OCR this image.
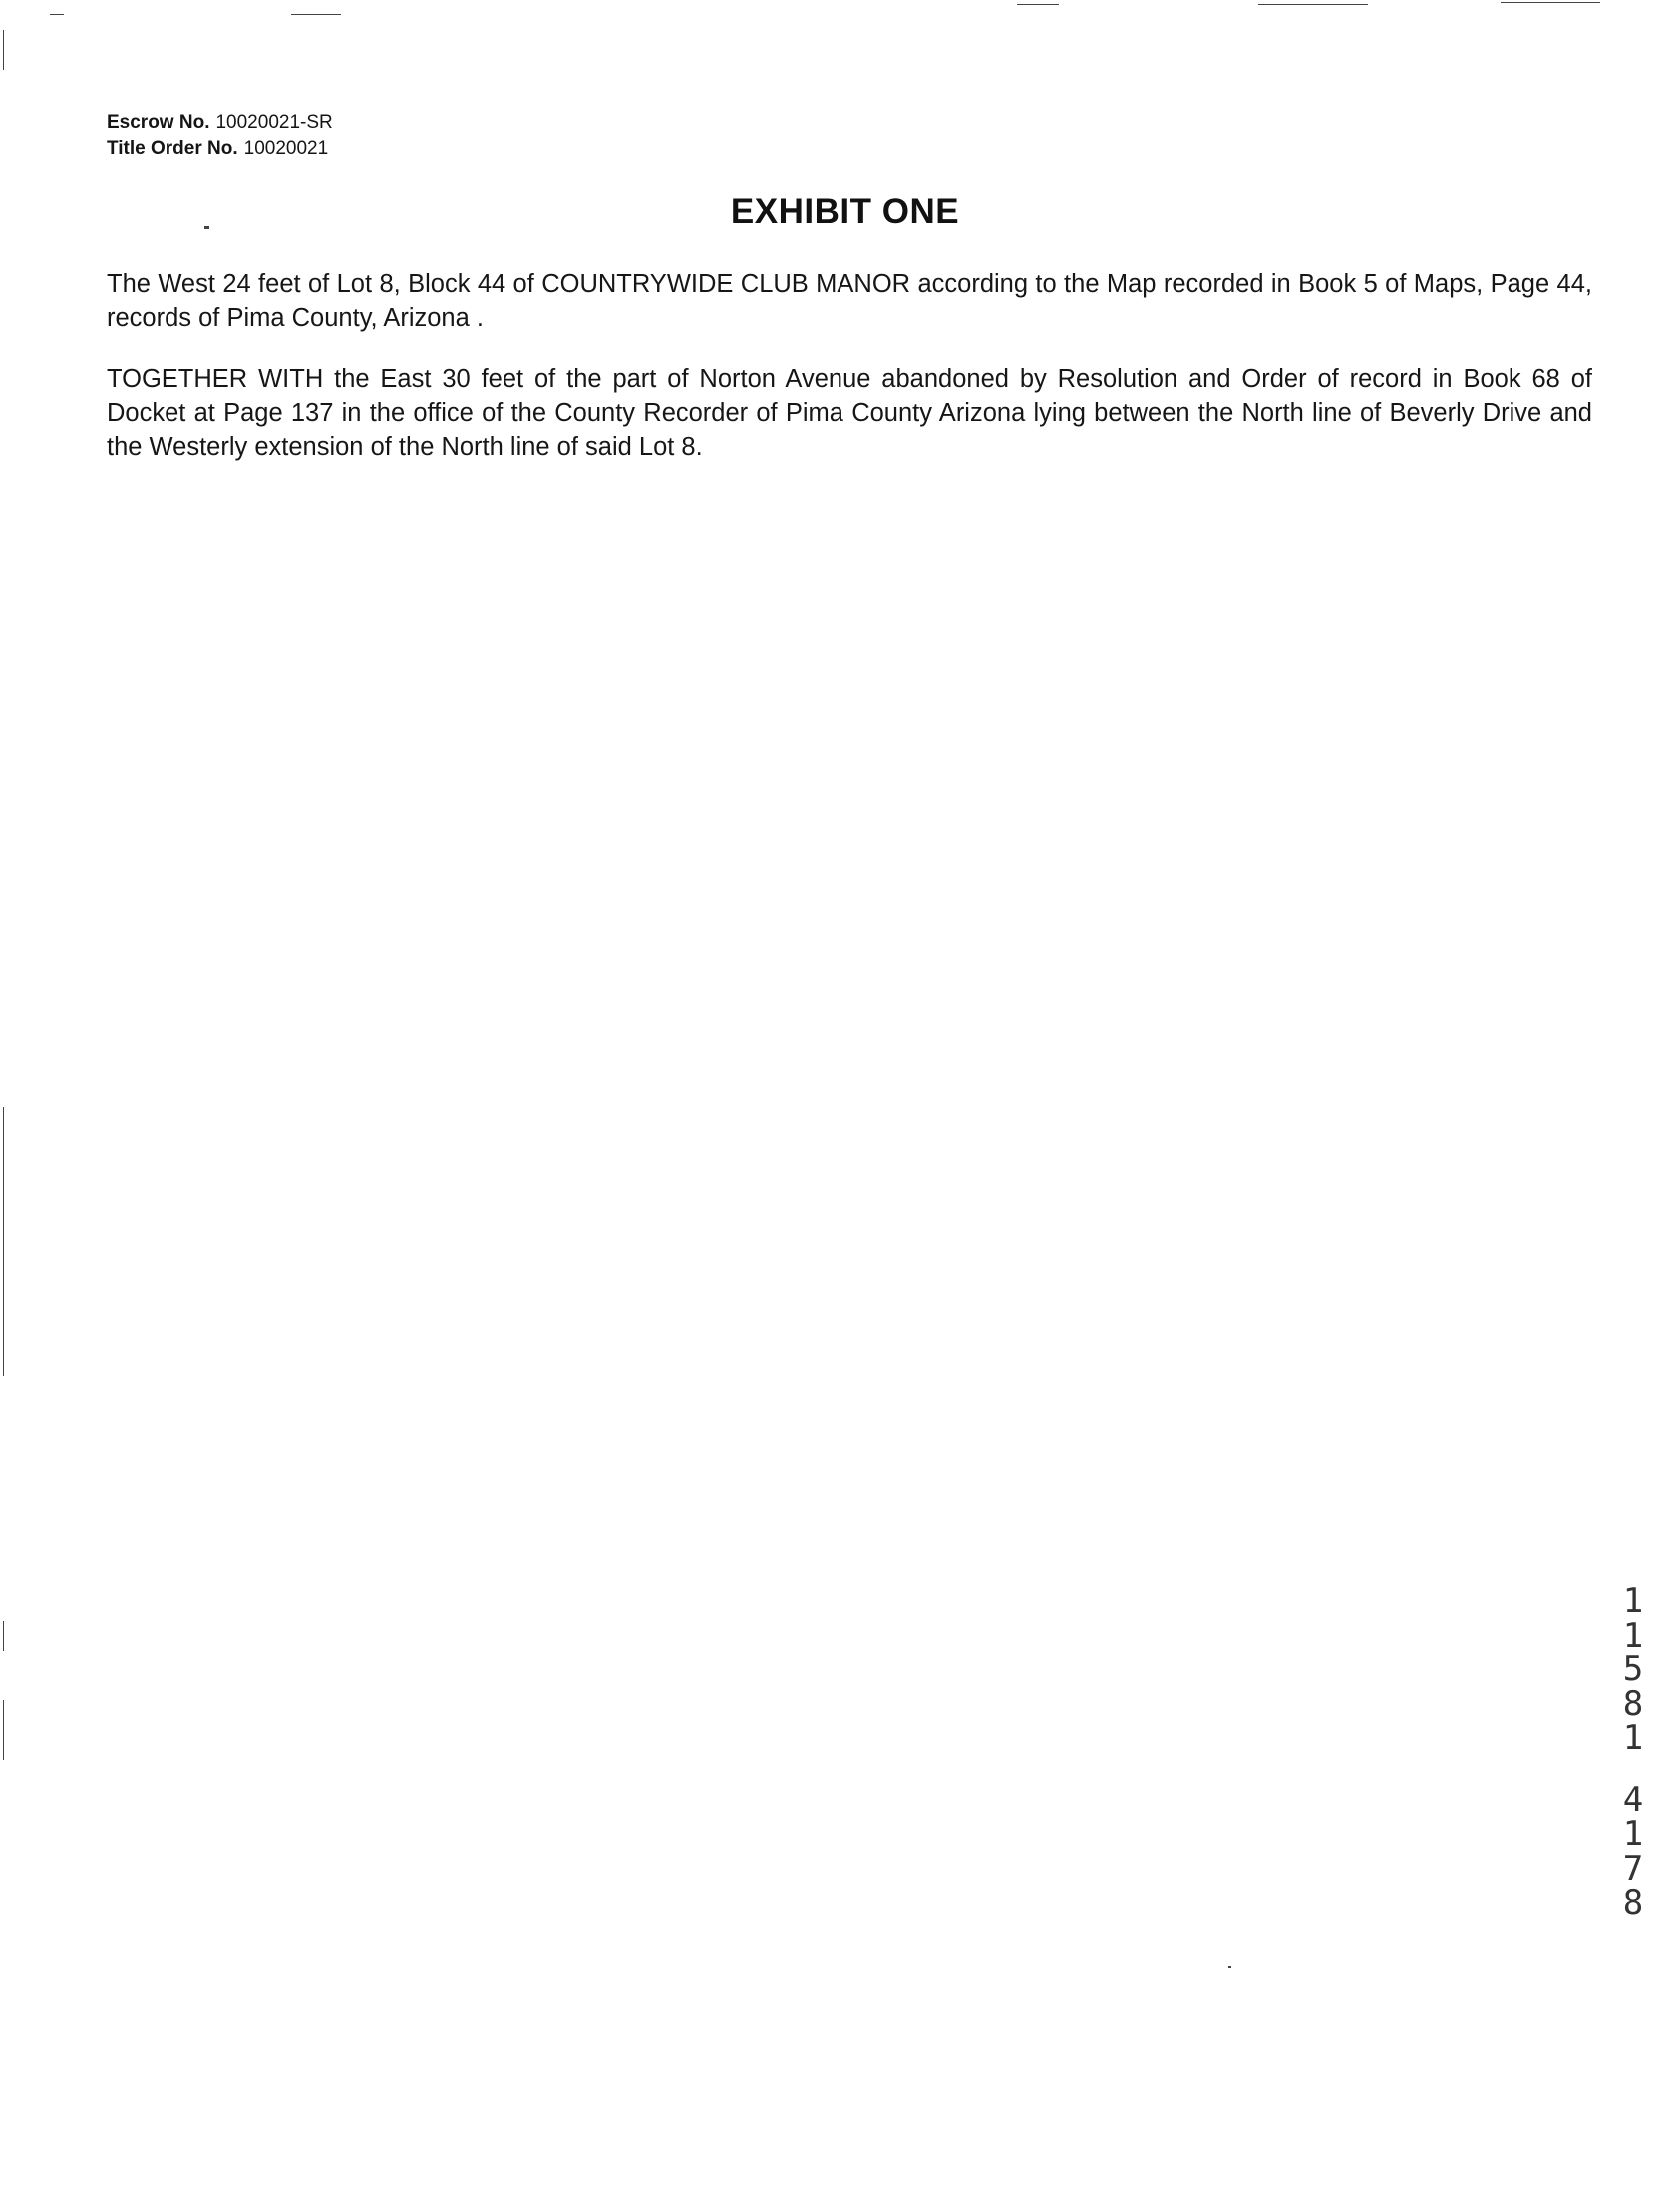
Escrow No. 10020021-SR
Title Order No. 10020021
EXHIBIT ONE

The West 24 feet of Lot 8, Block 44 of COUNTRYWIDE CLUB MANOR according to the Map recorded in Book 5 of Maps, Page 44, records of Pima County, Arizona .

TOGETHER WITH the East 30 feet of the part of Norton Avenue abandoned by Resolution and Order of record in Book 68 of Docket at Page 137 in the office of the County Recorder of Pima County Arizona lying between the North line of Beverly Drive and the Westerly extension of the North line of said Lot 8.

1
1
5
8
1
4
1
7
8
